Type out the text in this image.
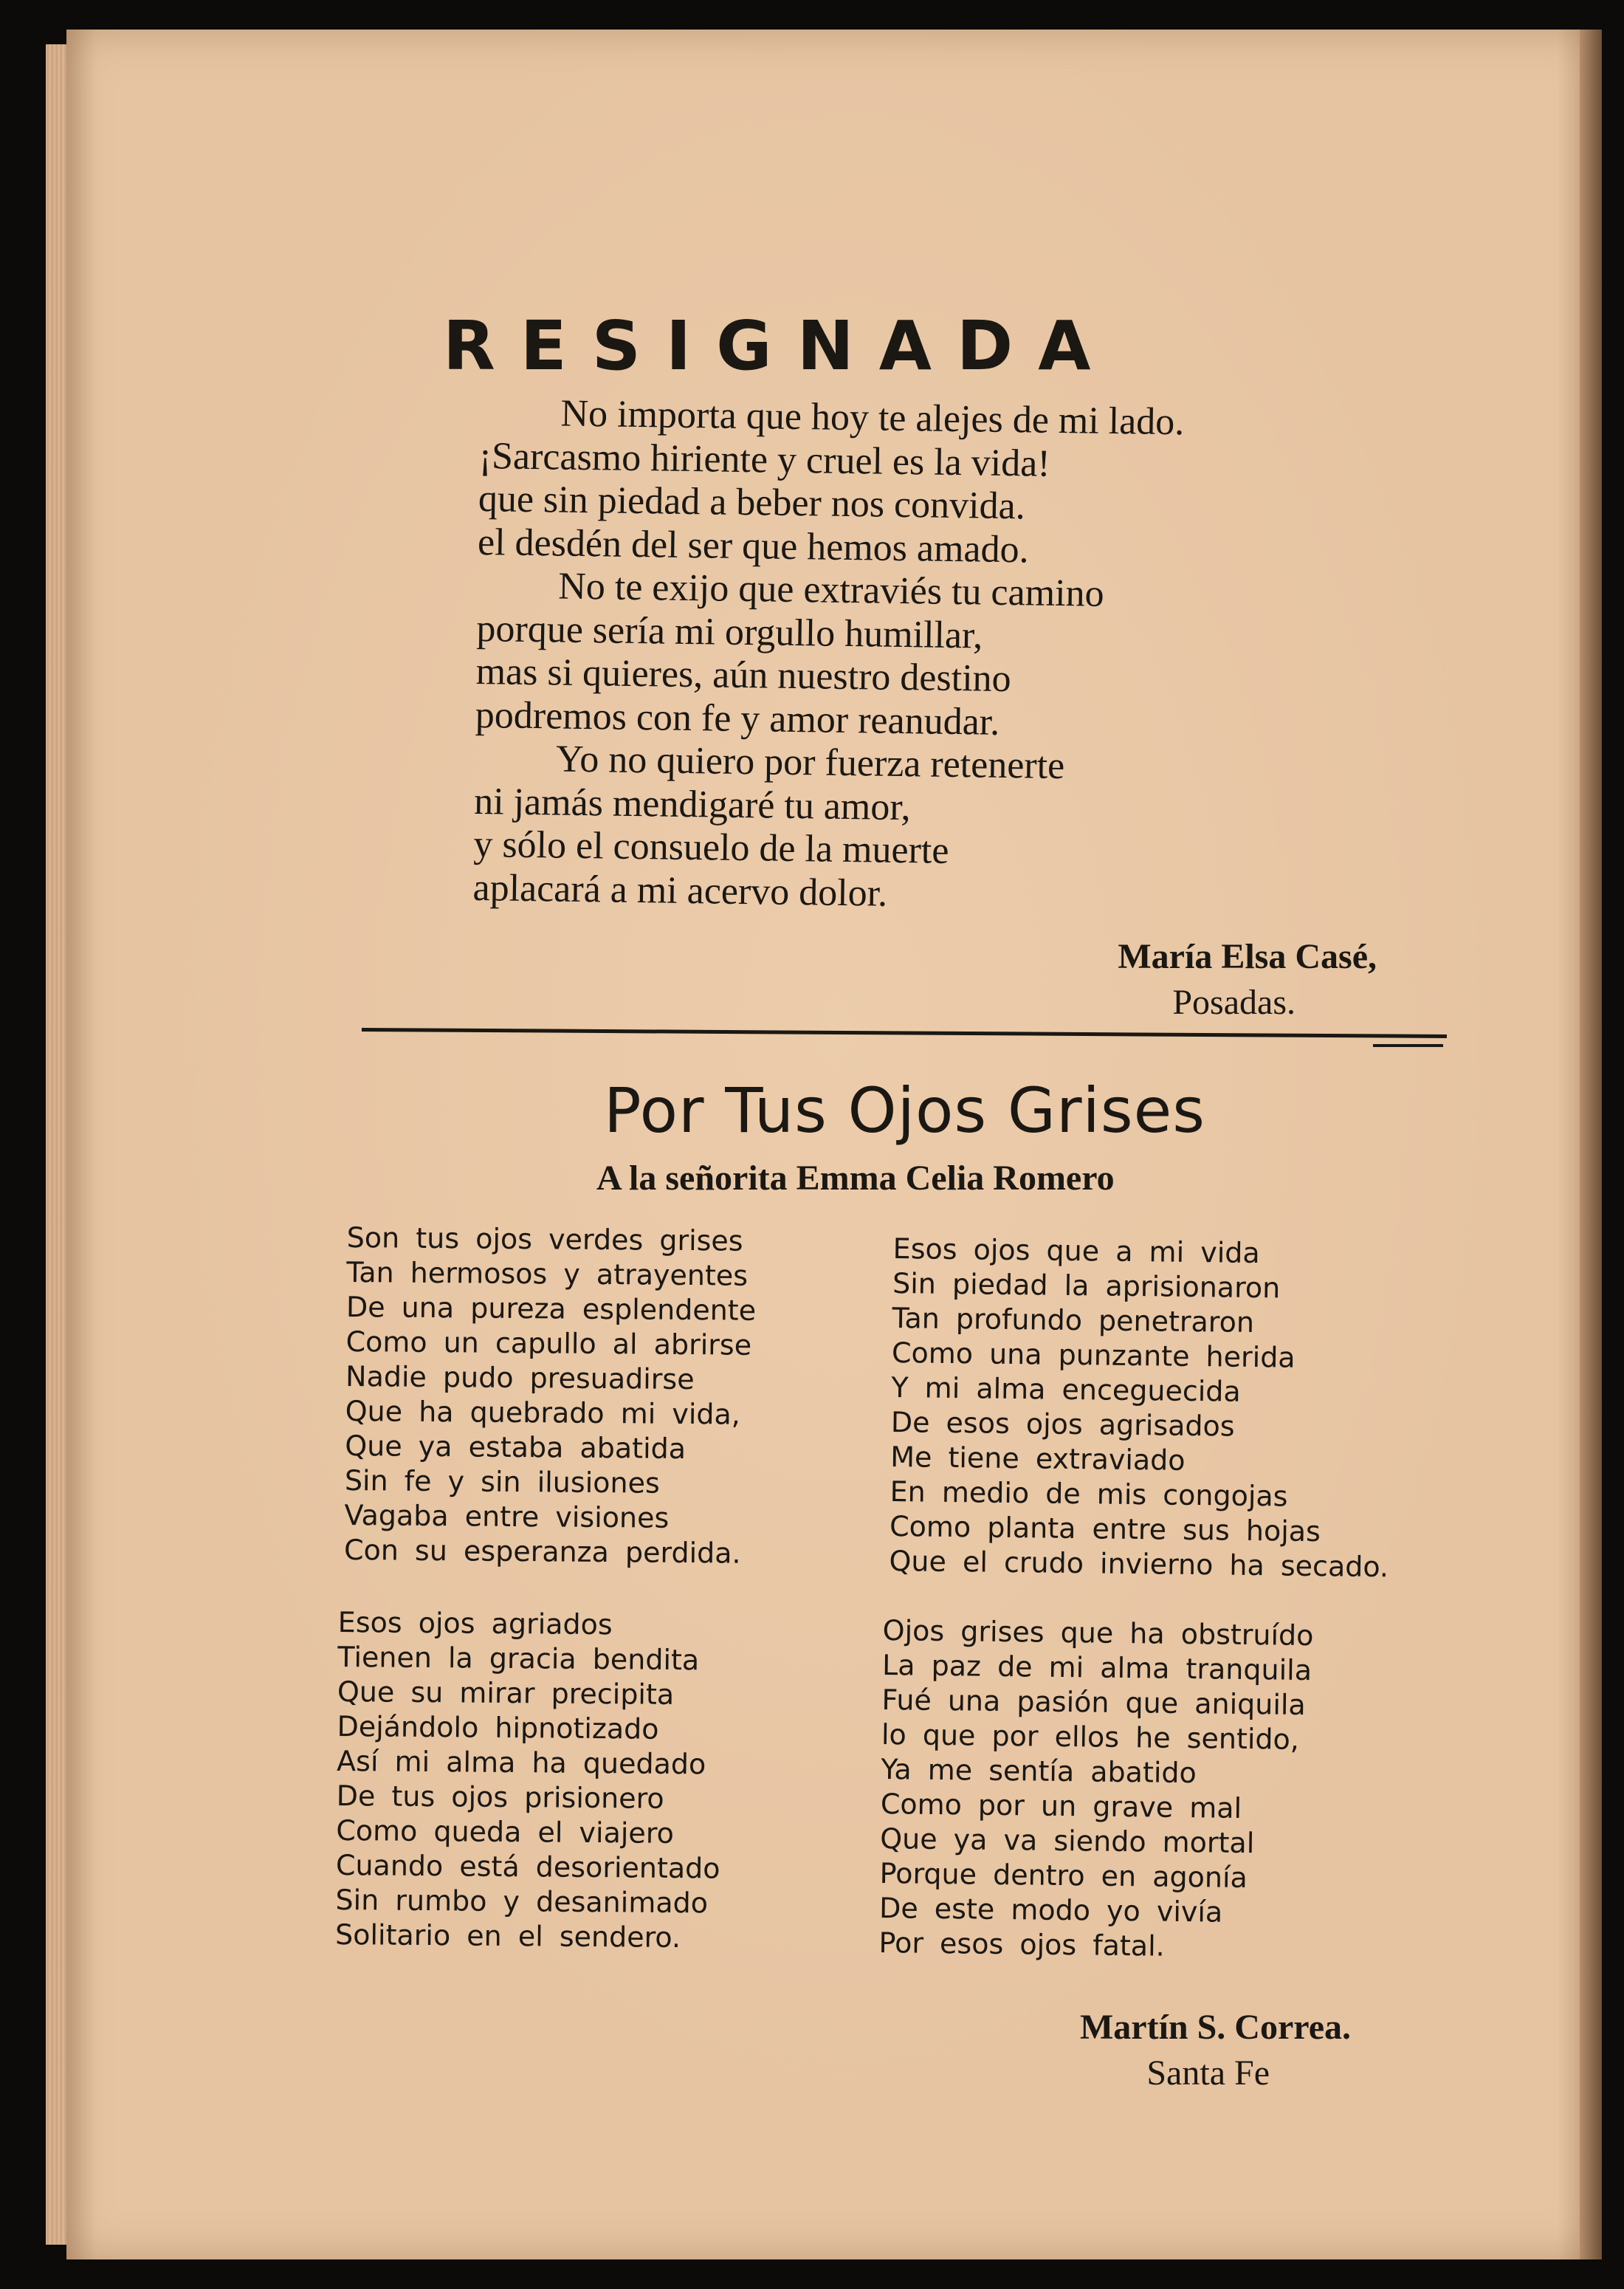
RESIGNADA
No importa que hoy te alejes de mi lado.
¡Sarcasmo hiriente y cruel es la vida!
que sin piedad a beber nos convida.
el desdén del ser que hemos amado.
No te exijo que extraviés tu camino
porque sería mi orgullo humillar,
mas si quieres, aún nuestro destino
podremos con fe y amor reanudar.
Yo no quiero por fuerza retenerte
ni jamás mendigaré tu amor,
y sólo el consuelo de la muerte
aplacará a mi acervo dolor.
María Elsa Casé,
Posadas.
Por Tus Ojos Grises
A la señorita Emma Celia Romero
Son tus ojos verdes grises
Tan hermosos y atrayentes
De una pureza esplendente
Como un capullo al abrirse
Nadie pudo presuadirse
Que ha quebrado mi vida,
Que ya estaba abatida
Sin fe y sin ilusiones
Vagaba entre visiones
Con su esperanza perdida.
Esos ojos agriados
Tienen la gracia bendita
Que su mirar precipita
Dejándolo hipnotizado
Así mi alma ha quedado
De tus ojos prisionero
Como queda el viajero
Cuando está desorientado
Sin rumbo y desanimado
Solitario en el sendero.
Esos ojos que a mi vida
Sin piedad la aprisionaron
Tan profundo penetraron
Como una punzante herida
Y mi alma enceguecida
De esos ojos agrisados
Me tiene extraviado
En medio de mis congojas
Como planta entre sus hojas
Que el crudo invierno ha secado.
Ojos grises que ha obstruído
La paz de mi alma tranquila
Fué una pasión que aniquila
lo que por ellos he sentido,
Ya me sentía abatido
Como por un grave mal
Que ya va siendo mortal
Porque dentro en agonía
De este modo yo vivía
Por esos ojos fatal.
Martín S. Correa.
Santa Fe
